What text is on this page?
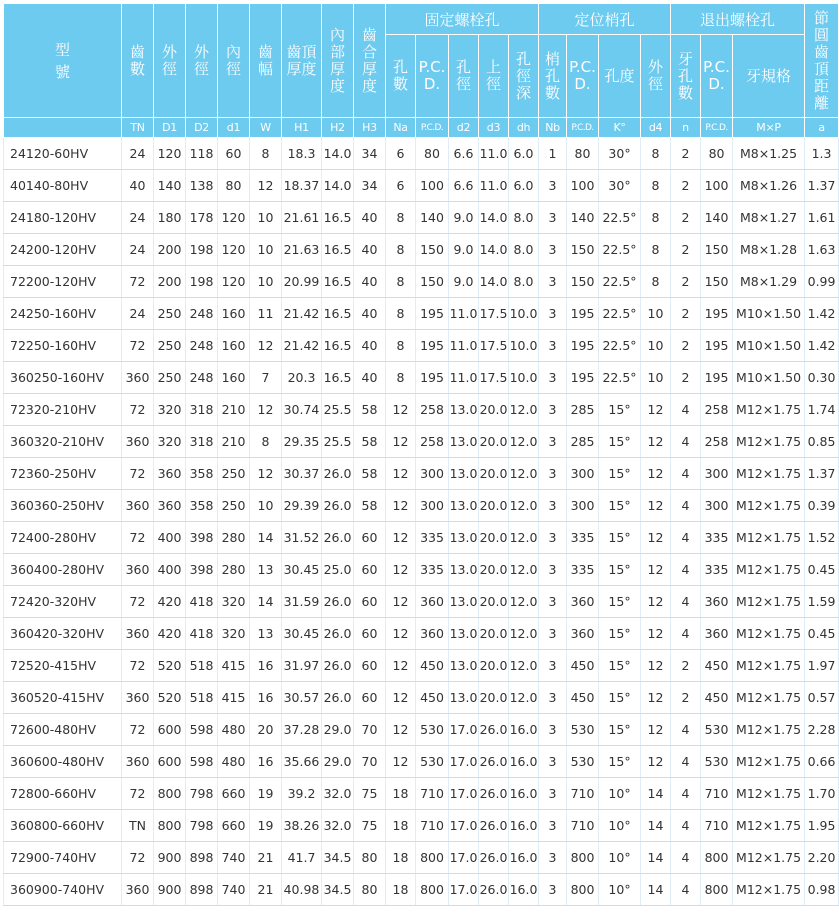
型
號	齒數	外徑	外徑	內徑	齒幅	齒頂厚度	內部厚度	齒合厚度	固定螺栓孔					定位梢孔				退出螺栓孔			節圓齒頂距離
									孔數	P.C.D.	孔徑	上徑	孔徑深	梢孔數	P.C.D.	孔度	外徑	牙孔數	P.C.D.	牙規格	
	TN	D1	D2	d1	W	H1	H2	H3	Na	P.C.D.	d2	d3	dh	Nb	P.C.D.	K°	d4	n	P.C.D.	M×P	a
24120-60HV	24	120	118	60	8	18.3	14.0	34	6	80	6.6	11.0	6.0	1	80	30°	8	2	80	M8×1.25	1.3
40140-80HV	40	140	138	80	12	18.37	14.0	34	6	100	6.6	11.0	6.0	3	100	30°	8	2	100	M8×1.26	1.37
24180-120HV	24	180	178	120	10	21.61	16.5	40	8	140	9.0	14.0	8.0	3	140	22.5°	8	2	140	M8×1.27	1.61
24200-120HV	24	200	198	120	10	21.63	16.5	40	8	150	9.0	14.0	8.0	3	150	22.5°	8	2	150	M8×1.28	1.63
72200-120HV	72	200	198	120	10	20.99	16.5	40	8	150	9.0	14.0	8.0	3	150	22.5°	8	2	150	M8×1.29	0.99
24250-160HV	24	250	248	160	11	21.42	16.5	40	8	195	11.0	17.5	10.0	3	195	22.5°	10	2	195	M10×1.50	1.42
72250-160HV	72	250	248	160	12	21.42	16.5	40	8	195	11.0	17.5	10.0	3	195	22.5°	10	2	195	M10×1.50	1.42
360250-160HV	360	250	248	160	7	20.3	16.5	40	8	195	11.0	17.5	10.0	3	195	22.5°	10	2	195	M10×1.50	0.30
72320-210HV	72	320	318	210	12	30.74	25.5	58	12	258	13.0	20.0	12.0	3	285	15°	12	4	258	M12×1.75	1.74
360320-210HV	360	320	318	210	8	29.35	25.5	58	12	258	13.0	20.0	12.0	3	285	15°	12	4	258	M12×1.75	0.85
72360-250HV	72	360	358	250	12	30.37	26.0	58	12	300	13.0	20.0	12.0	3	300	15°	12	4	300	M12×1.75	1.37
360360-250HV	360	360	358	250	10	29.39	26.0	58	12	300	13.0	20.0	12.0	3	300	15°	12	4	300	M12×1.75	0.39
72400-280HV	72	400	398	280	14	31.52	26.0	60	12	335	13.0	20.0	12.0	3	335	15°	12	4	335	M12×1.75	1.52
360400-280HV	360	400	398	280	13	30.45	25.0	60	12	335	13.0	20.0	12.0	3	335	15°	12	4	335	M12×1.75	0.45
72420-320HV	72	420	418	320	14	31.59	26.0	60	12	360	13.0	20.0	12.0	3	360	15°	12	4	360	M12×1.75	1.59
360420-320HV	360	420	418	320	13	30.45	26.0	60	12	360	13.0	20.0	12.0	3	360	15°	12	4	360	M12×1.75	0.45
72520-415HV	72	520	518	415	16	31.97	26.0	60	12	450	13.0	20.0	12.0	3	450	15°	12	2	450	M12×1.75	1.97
360520-415HV	360	520	518	415	16	30.57	26.0	60	12	450	13.0	20.0	12.0	3	450	15°	12	2	450	M12×1.75	0.57
72600-480HV	72	600	598	480	20	37.28	29.0	70	12	530	17.0	26.0	16.0	3	530	15°	12	4	530	M12×1.75	2.28
360600-480HV	360	600	598	480	16	35.66	29.0	70	12	530	17.0	26.0	16.0	3	530	15°	12	4	530	M12×1.75	0.66
72800-660HV	72	800	798	660	19	39.2	32.0	75	18	710	17.0	26.0	16.0	3	710	10°	14	4	710	M12×1.75	1.70
360800-660HV	TN	800	798	660	19	38.26	32.0	75	18	710	17.0	26.0	16.0	3	710	10°	14	4	710	M12×1.75	1.95
72900-740HV	72	900	898	740	21	41.7	34.5	80	18	800	17.0	26.0	16.0	3	800	10°	14	4	800	M12×1.75	2.20
360900-740HV	360	900	898	740	21	40.98	34.5	80	18	800	17.0	26.0	16.0	3	800	10°	14	4	800	M12×1.75	0.98
